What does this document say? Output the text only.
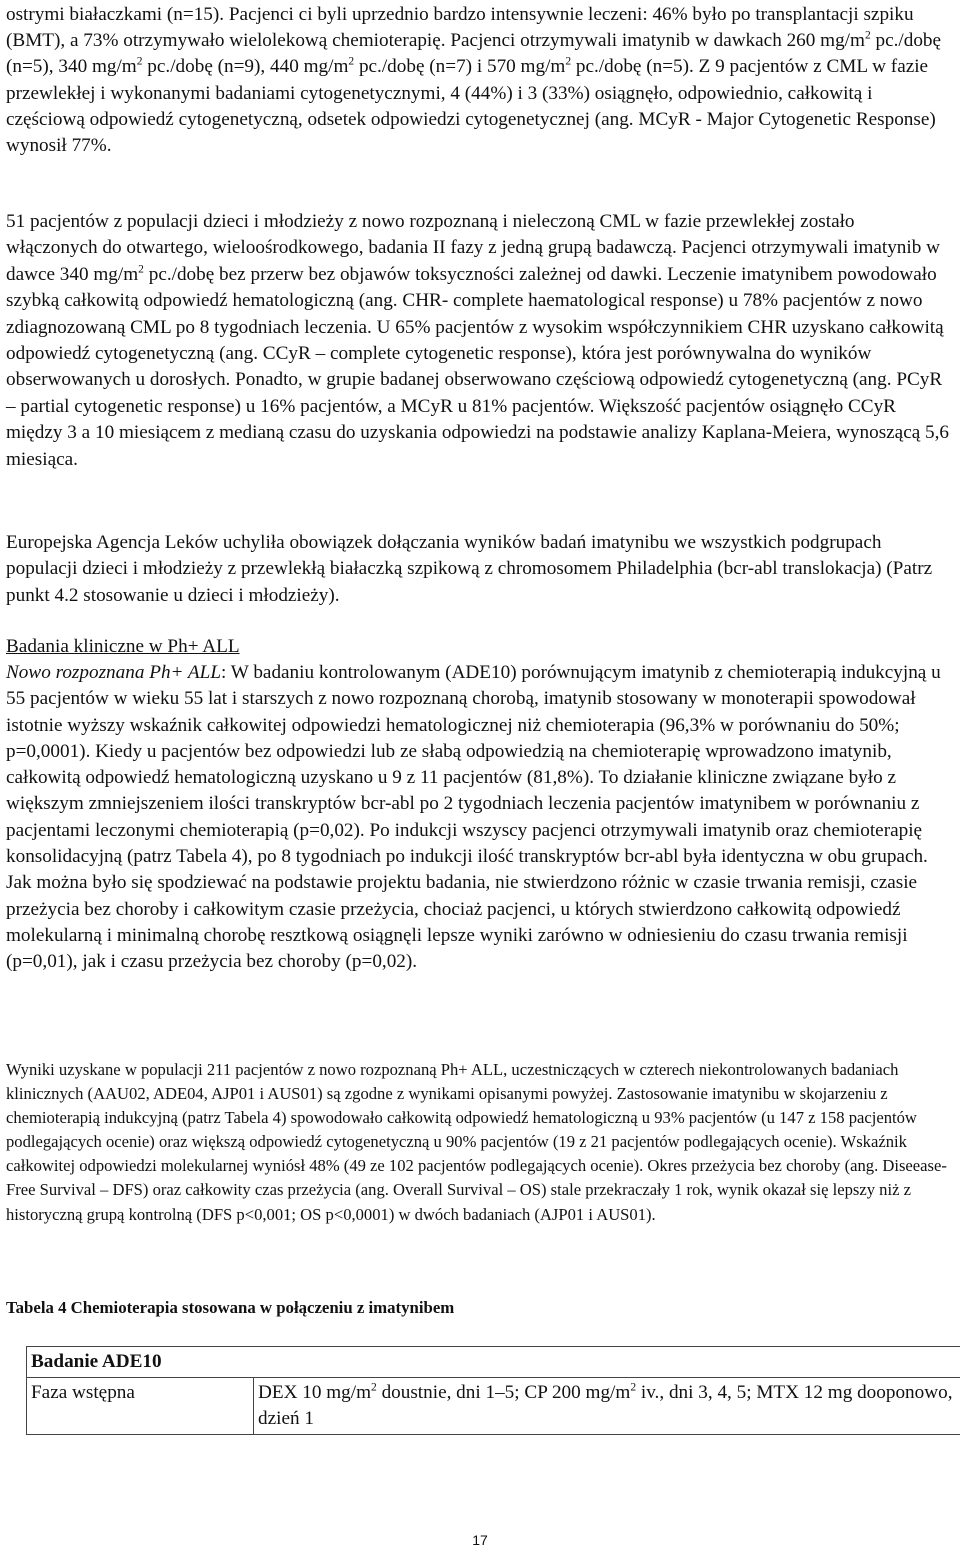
ostrymi białaczkami (n=15). Pacjenci ci byli uprzednio bardzo intensywnie leczeni: 46% było po transplantacji szpiku (BMT), a 73% otrzymywało wielolekową chemioterapię. Pacjenci otrzymywali imatynib w dawkach 260 $mg/m^2$ pc./dobę (n=5), 340 $mg/m^2$ pc./dobę (n=9), 440 $mg/m^2$ pc./dobę (n=7) i 570 $mg/m^2$ pc./dobę (n=5). Z 9 pacjentów z CML w fazie przewlekłej i wykonanymi badaniami cytogenetycznymi, 4 (44%) i 3 (33%) osiągnęło, odpowiednio, całkowitą i częściową odpowiedź cytogenetyczną, odsetek odpowiedzi cytogenetycznej (ang. MCyR - Major Cytogenetic Response) wynosił 77%.

51 pacjentów z populacji dzieci i młodzieży z nowo rozpoznaną i nieleczoną CML w fazie przewlekłej zostało włączonych do otwartego, wieloośrodkowego, badania II fazy z jedną grupą badawczą. Pacjenci otrzymywali imatynib w dawce 340 $mg/m^2$ pc./dobę bez przerw bez objawów toksyczności zależnej od dawki. Leczenie imatynibem powodowało szybką całkowitą odpowiedź hematologiczną (ang. CHR- complete haematological response) u 78% pacjentów z nowo zdiagnozowaną CML po 8 tygodniach leczenia. U 65% pacjentów z wysokim współczynnikiem CHR uzyskano całkowitą odpowiedź cytogenetyczną (ang. CCyR – complete cytogenetic response), która jest porównywalna do wyników obserwowanych u dorosłych. Ponadto, w grupie badanej obserwowano częściową odpowiedź cytogenetyczną (ang. PCyR – partial cytogenetic response) u 16% pacjentów, a MCyR u 81% pacjentów. Większość pacjentów osiągnęło CCyR między 3 a 10 miesiącem z medianą czasu do uzyskania odpowiedzi na podstawie analizy Kaplana-Meiera, wynoszącą 5,6 miesiąca.

Europejska Agencja Leków uchyliła obowiązek dołączania wyników badań imatynibu we wszystkich podgrupach populacji dzieci i młodzieży z przewlekłą białaczką szpikową z chromosomem Philadelphia (bcr-abl translokacja) (Patrz punkt 4.2 stosowanie u dzieci i młodzieży).

Badania kliniczne w Ph+ ALL

Nowo rozpoznana Ph+ ALL: W badaniu kontrolowanym (ADE10) porównującym imatynib z chemioterapią indukcyjną u 55 pacjentów w wieku 55 lat i starszych z nowo rozpoznaną chorobą, imatynib stosowany w monoterapii spowodował istotnie wyższy wskaźnik całkowitej odpowiedzi hematologicznej niż chemioterapia (96,3% w porównaniu do 50%; p=0,0001). Kiedy u pacjentów bez odpowiedzi lub ze słabą odpowiedzią na chemioterapię wprowadzono imatynib, całkowitą odpowiedź hematologiczną uzyskano u 9 z 11 pacjentów (81,8%). To działanie kliniczne związane było z większym zmniejszeniem ilości transkryptów bcr-abl po 2 tygodniach leczenia pacjentów imatynibem w porównaniu z pacjentami leczonymi chemioterapią (p=0,02). Po indukcji wszyscy pacjenci otrzymywali imatynib oraz chemioterapię konsolidacyjną (patrz Tabela 4), po 8 tygodniach po indukcji ilość transkryptów bcr-abl była identyczna w obu grupach. Jak można było się spodziewać na podstawie projektu badania, nie stwierdzono różnic w czasie trwania remisji, czasie przeżycia bez choroby i całkowitym czasie przeżycia, chociaż pacjenci, u których stwierdzono całkowitą odpowiedź molekularną i minimalną chorobę resztkową osiągnęli lepsze wyniki zarówno w odniesieniu do czasu trwania remisji (p=0,01), jak i czasu przeżycia bez choroby (p=0,02).

Wyniki uzyskane w populacji 211 pacjentów z nowo rozpoznaną Ph+ ALL, uczestniczących w czterech niekontrolowanych badaniach klinicznych (AAU02, ADE04, AJP01 i AUS01) są zgodne z wynikami opisanymi powyżej. Zastosowanie imatynibu w skojarzeniu z chemioterapią indukcyjną (patrz Tabela 4) spowodowało całkowitą odpowiedź hematologiczną u 93% pacjentów (u 147 z 158 pacjentów podlegających ocenie) oraz większą odpowiedź cytogenetyczną u 90% pacjentów (19 z 21 pacjentów podlegających ocenie). Wskaźnik całkowitej odpowiedzi molekularnej wyniósł 48% (49 ze 102 pacjentów podlegających ocenie). Okres przeżycia bez choroby (ang. Diseease-Free Survival – DFS) oraz całkowity czas przeżycia (ang. Overall Survival – OS) stale przekraczały 1 rok, wynik okazał się lepszy niż z historyczną grupą kontrolną (DFS p<0,001; OS p<0,0001) w dwóch badaniach (AJP01 i AUS01).

Tabela 4 Chemioterapia stosowana w połączeniu z imatynibem

Badanie ADE10
Faza wstępna	DEX 10 $mg/m^2$ doustnie, dni 1–5; CP 200 $mg/m^2$ iv., dni 3, 4, 5; MTX 12 mg dooponowo, dzień 1
17
